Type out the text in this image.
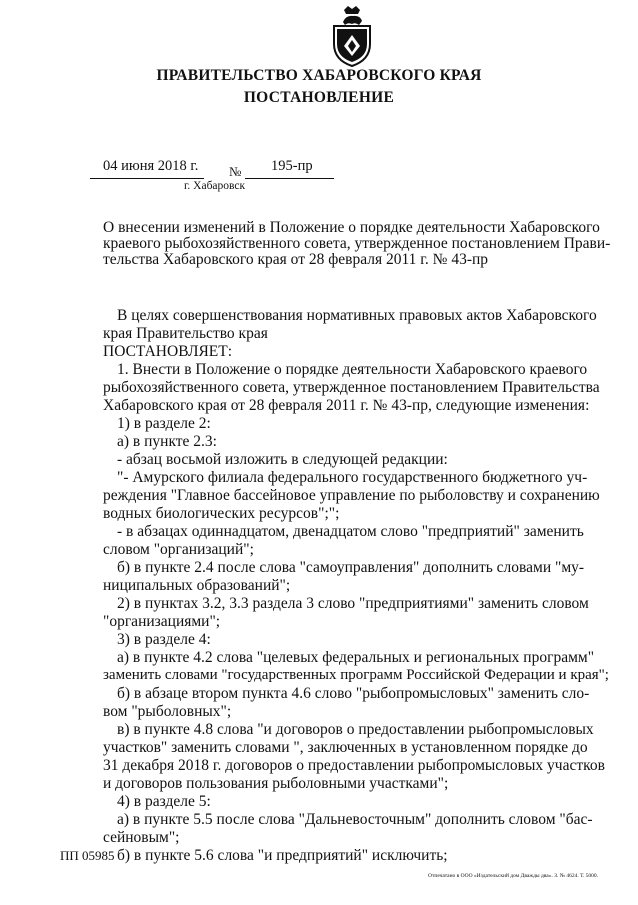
ПРАВИТЕЛЬСТВО ХАБАРОВСКОГО КРАЯ
ПОСТАНОВЛЕНИЕ
04 июня 2018 г. № 195-пр
г. Хабаровск
О внесении изменений в Положение о порядке деятельности Хабаровского
краевого рыбохозяйственного совета, утвержденное постановлением Прави-
тельства Хабаровского края от 28 февраля 2011 г. № 43-пр
В целях совершенствования нормативных правовых актов Хабаровского
края Правительство края
ПОСТАНОВЛЯЕТ:
1. Внести в Положение о порядке деятельности Хабаровского краевого
рыбохозяйственного совета, утвержденное постановлением Правительства
Хабаровского края от 28 февраля 2011 г. № 43-пр, следующие изменения:
1) в разделе 2:
а) в пункте 2.3:
- абзац восьмой изложить в следующей редакции:
"- Амурского филиала федерального государственного бюджетного уч-
реждения "Главное бассейновое управление по рыболовству и сохранению
водных биологических ресурсов";";
- в абзацах одиннадцатом, двенадцатом слово "предприятий" заменить
словом "организаций";
б) в пункте 2.4 после слова "самоуправления" дополнить словами "му-
ниципальных образований";
2) в пунктах 3.2, 3.3 раздела 3 слово "предприятиями" заменить словом
"организациями";
3) в разделе 4:
а) в пункте 4.2 слова "целевых федеральных и региональных программ"
заменить словами "государственных программ Российской Федерации и края";
б) в абзаце втором пункта 4.6 слово "рыбопромысловых" заменить сло-
вом "рыболовных";
в) в пункте 4.8 слова "и договоров о предоставлении рыбопромысловых
участков" заменить словами ", заключенных в установленном порядке до
31 декабря 2018 г. договоров о предоставлении рыбопромысловых участков
и договоров пользования рыболовными участками";
4) в разделе 5:
а) в пункте 5.5 после слова "Дальневосточным" дополнить словом "бас-
сейновым";
б) в пункте 5.6 слова "и предприятий" исключить;
ПП 05985
Отпечатано в ООО «Издательский дом Дважды два». З. № 4624. Т. 5000.
